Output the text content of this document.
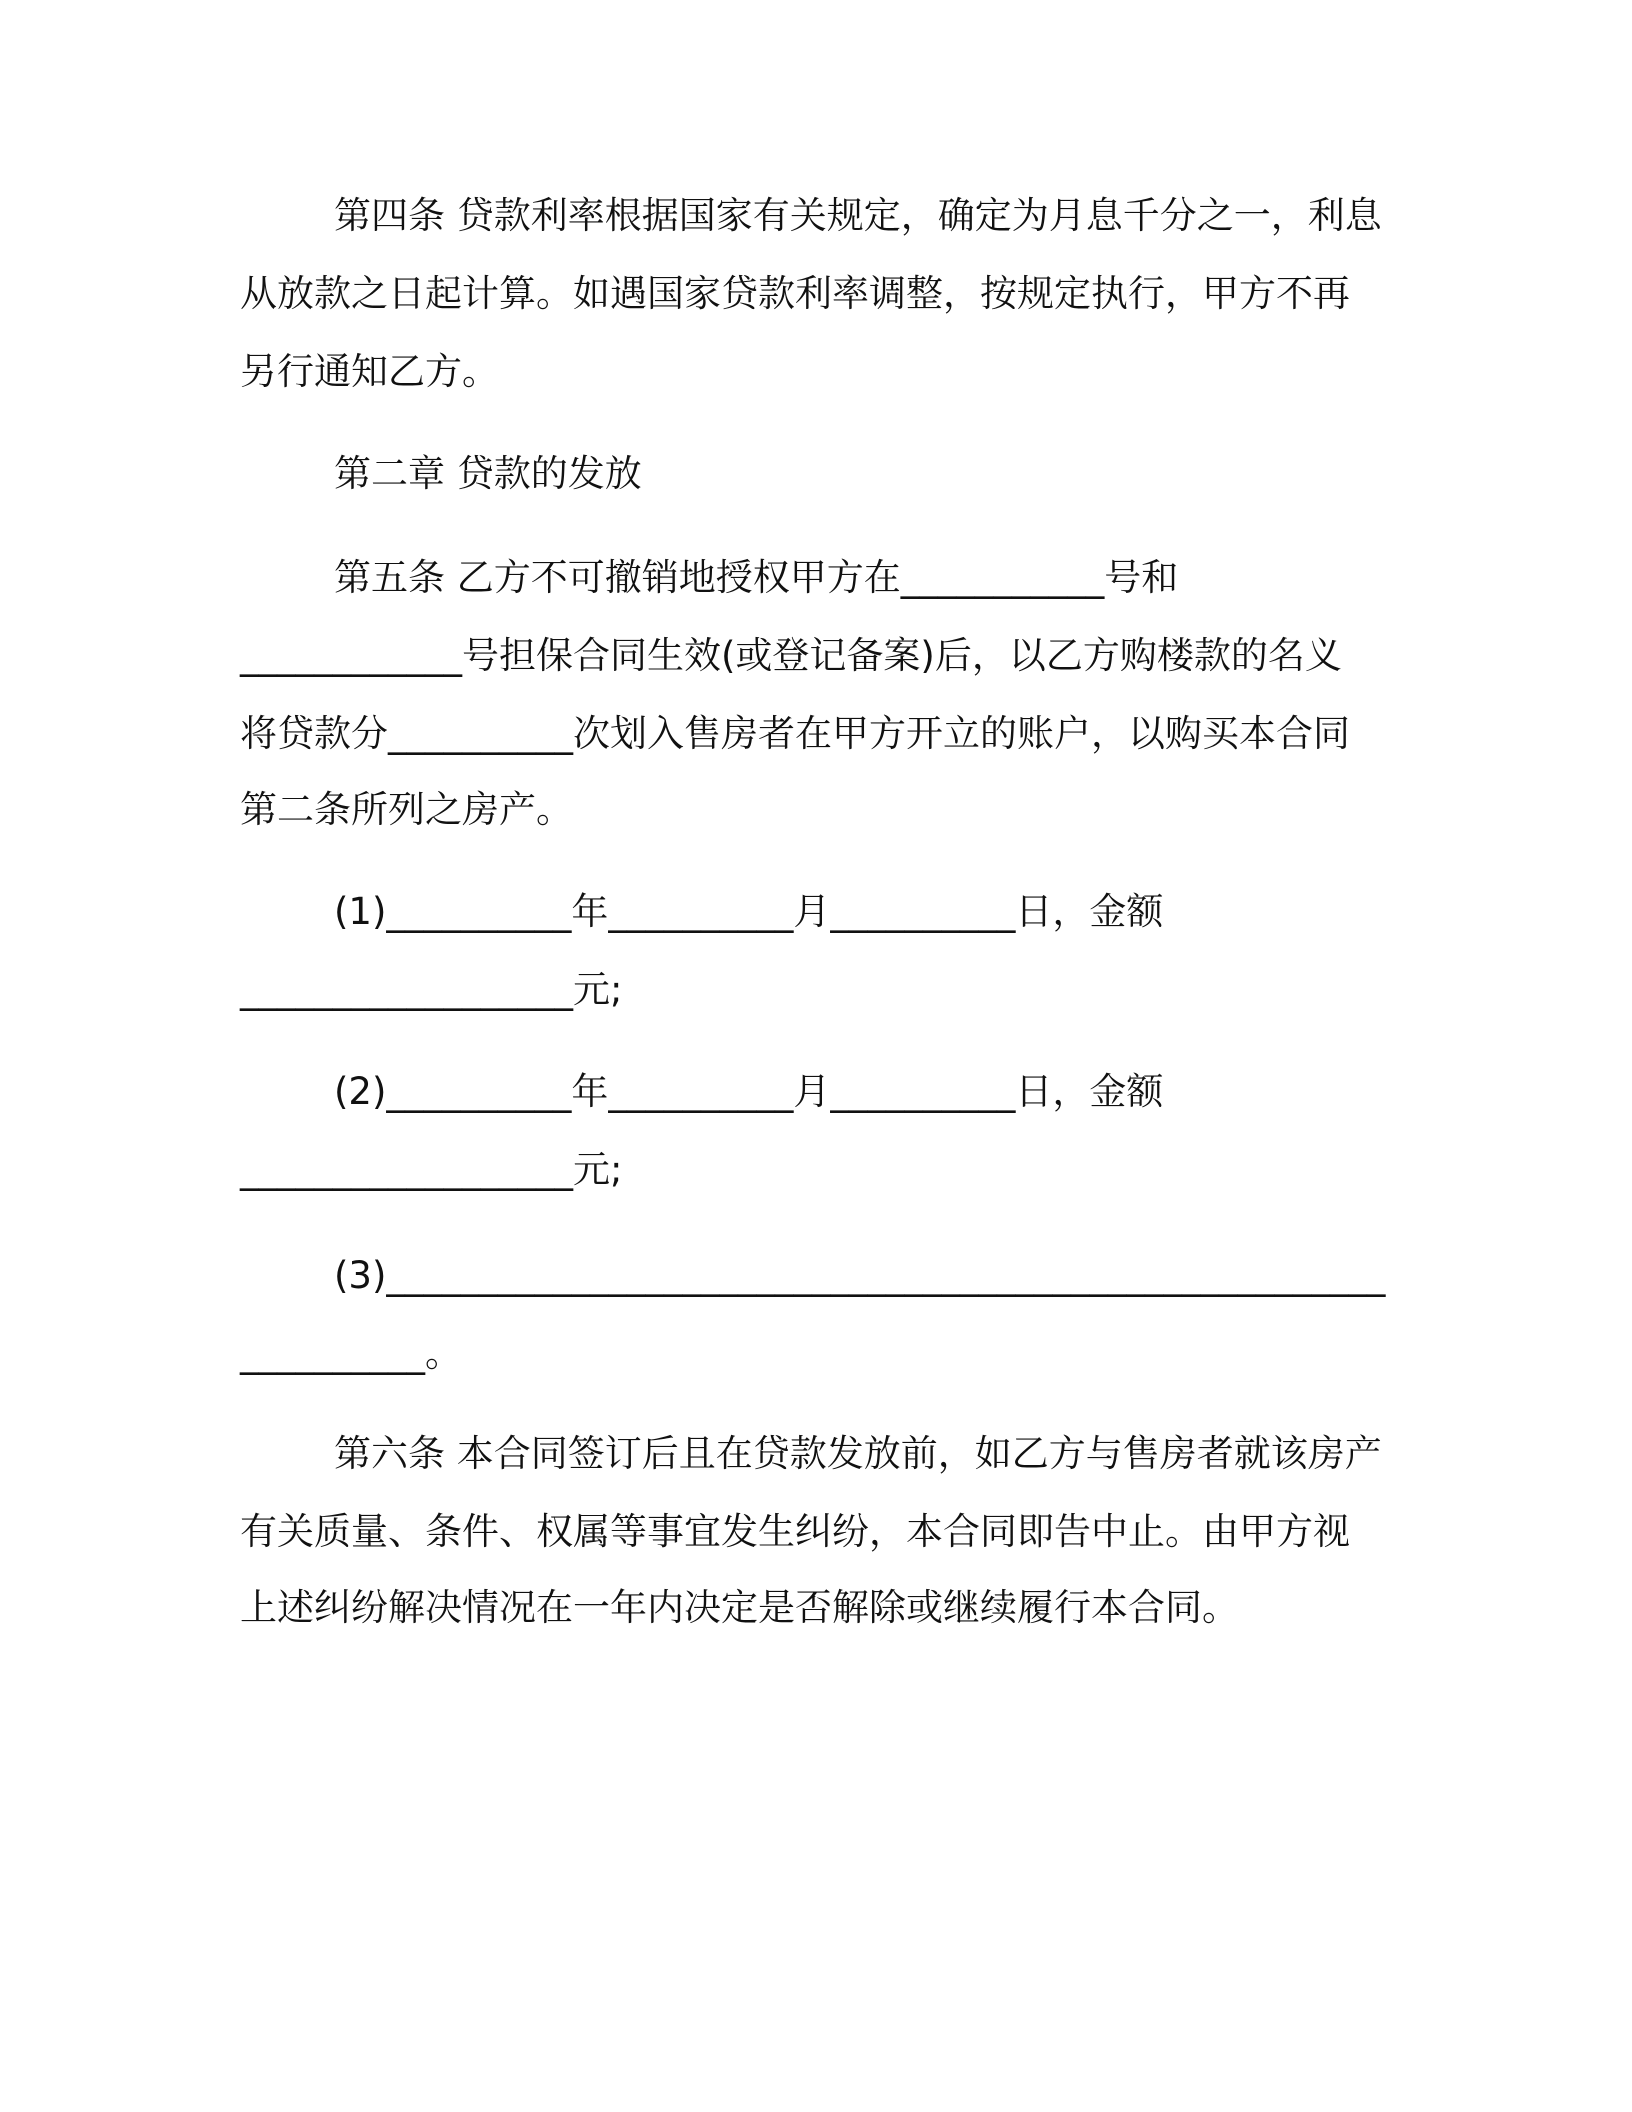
第四条 贷款利率根据国家有关规定，确定为月息千分之一，利息
从放款之日起计算。如遇国家贷款利率调整，按规定执行，甲方不再
另行通知乙方。
第二章 贷款的发放
第五条 乙方不可撤销地授权甲方在___________号和
____________号担保合同生效(或登记备案)后，以乙方购楼款的名义
将贷款分__________次划入售房者在甲方开立的账户，以购买本合同
第二条所列之房产。
(1)__________年__________月__________日，金额
__________________元;
(2)__________年__________月__________日，金额
__________________元;
(3)______________________________________________________
__________。
第六条 本合同签订后且在贷款发放前，如乙方与售房者就该房产
有关质量、条件、权属等事宜发生纠纷，本合同即告中止。由甲方视
上述纠纷解决情况在一年内决定是否解除或继续履行本合同。
